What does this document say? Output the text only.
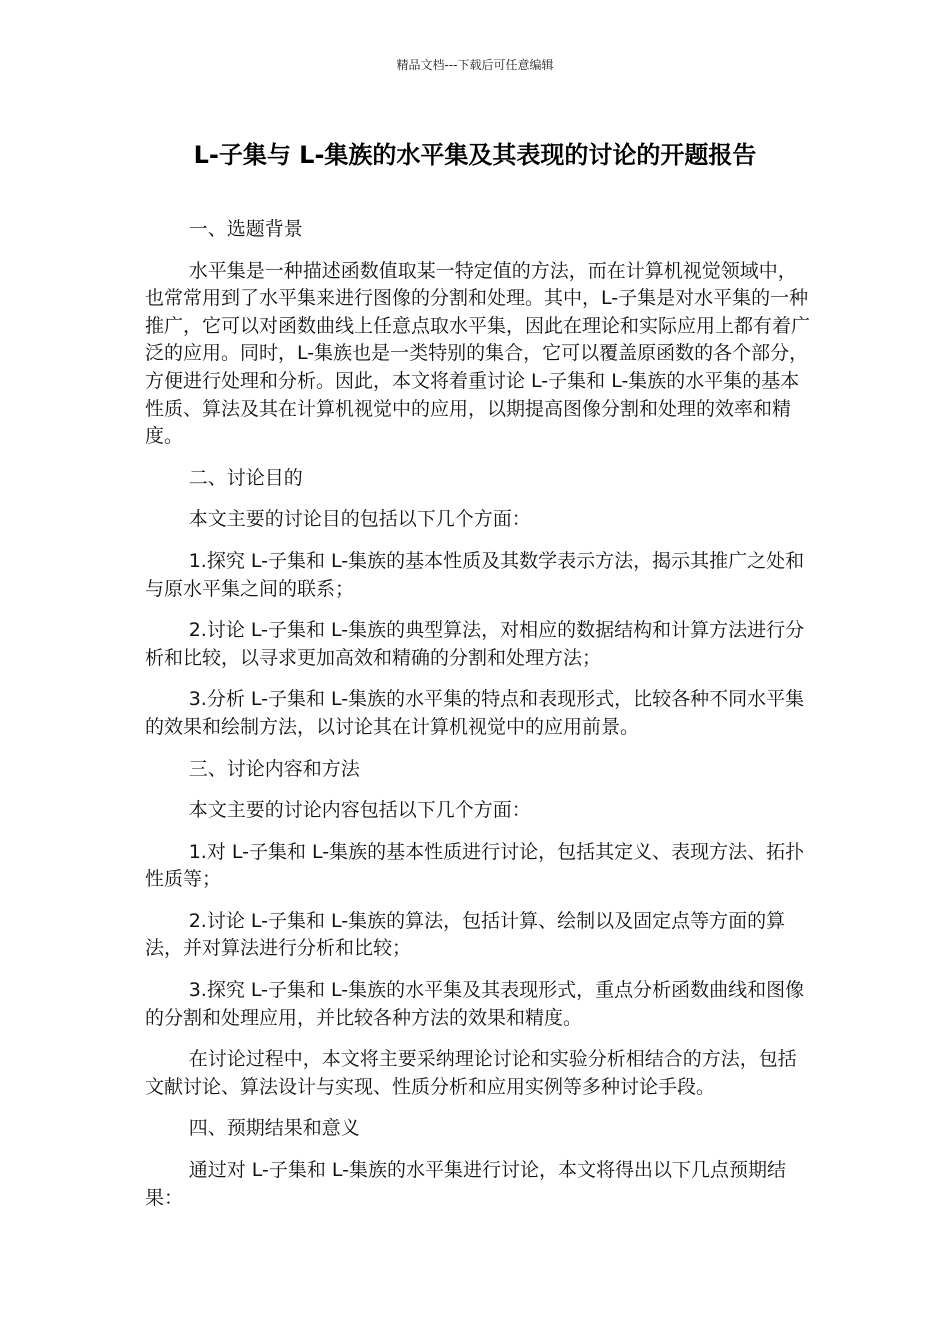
精品文档---下载后可任意编辑
L-子集与 L-集族的水平集及其表现的讨论的开题报告

一、选题背景

水平集是一种描述函数值取某一特定值的方法，而在计算机视觉领域中，也常常用到了水平集来进行图像的分割和处理。其中，L-子集是对水平集的一种推广，它可以对函数曲线上任意点取水平集，因此在理论和实际应用上都有着广泛的应用。同时，L-集族也是一类特别的集合，它可以覆盖原函数的各个部分，方便进行处理和分析。因此，本文将着重讨论 L-子集和 L-集族的水平集的基本性质、算法及其在计算机视觉中的应用，以期提高图像分割和处理的效率和精度。

二、讨论目的

本文主要的讨论目的包括以下几个方面：

1.探究 L-子集和 L-集族的基本性质及其数学表示方法，揭示其推广之处和与原水平集之间的联系；

2.讨论 L-子集和 L-集族的典型算法，对相应的数据结构和计算方法进行分析和比较，以寻求更加高效和精确的分割和处理方法；

3.分析 L-子集和 L-集族的水平集的特点和表现形式，比较各种不同水平集的效果和绘制方法，以讨论其在计算机视觉中的应用前景。

三、讨论内容和方法

本文主要的讨论内容包括以下几个方面：

1.对 L-子集和 L-集族的基本性质进行讨论，包括其定义、表现方法、拓扑性质等；

2.讨论 L-子集和 L-集族的算法，包括计算、绘制以及固定点等方面的算法，并对算法进行分析和比较；

3.探究 L-子集和 L-集族的水平集及其表现形式，重点分析函数曲线和图像的分割和处理应用，并比较各种方法的效果和精度。

在讨论过程中，本文将主要采纳理论讨论和实验分析相结合的方法，包括文献讨论、算法设计与实现、性质分析和应用实例等多种讨论手段。

四、预期结果和意义

通过对 L-子集和 L-集族的水平集进行讨论，本文将得出以下几点预期结果：
